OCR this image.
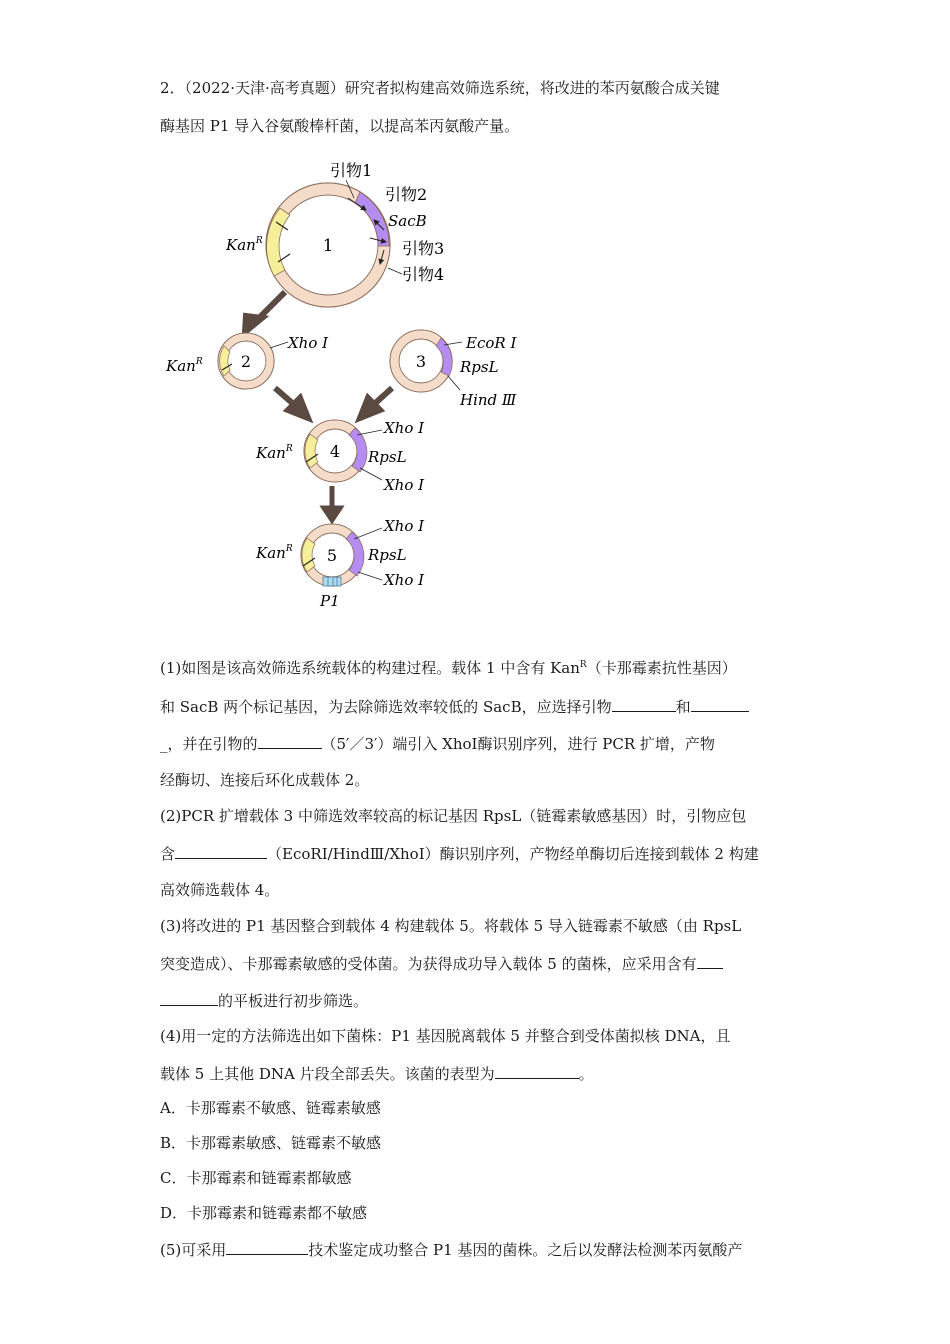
2．（2022·天津·高考真题）研究者拟构建高效筛选系统，将改进的苯丙氨酸合成关键
酶基因 P1 导入谷氨酸棒杆菌，以提高苯丙氨酸产量。
1
引物1
引物2
SacB
引物3
引物4
Kan$^R$
2
Xho Ⅰ
Kan$^R$	3
EcoR Ⅰ
RpsL
Hind Ⅲ
4
Xho Ⅰ
RpsL
Xho Ⅰ
Kan$^R$
5
Xho Ⅰ
RpsL
Xho Ⅰ
Kan$^R$
P1
(1)如图是该高效筛选系统载体的构建过程。载体 1 中含有 Kan$^R$（卡那霉素抗性基因）
和 SacB 两个标记基因，为去除筛选效率较低的 SacB，应选择引物	和
_，并在引物的	（5′／3′）端引入 XhoⅠ酶识别序列，进行 PCR 扩增，产物
经酶切、连接后环化成载体 2。
(2)PCR 扩增载体 3 中筛选效率较高的标记基因 RpsL（链霉素敏感基因）时，引物应包
含	（EcoRⅠ/HindⅢ/XhoⅠ）酶识别序列，产物经单酶切后连接到载体 2 构建
高效筛选载体 4。
(3)将改进的 P1 基因整合到载体 4 构建载体 5。将载体 5 导入链霉素不敏感（由 RpsL
突变造成）、卡那霉素敏感的受体菌。为获得成功导入载体 5 的菌株，应采用含有
的平板进行初步筛选。
(4)用一定的方法筛选出如下菌株：P1 基因脱离载体 5 并整合到受体菌拟核 DNA，且
载体 5 上其他 DNA 片段全部丢失。该菌的表型为	。
A．卡那霉素不敏感、链霉素敏感
B．卡那霉素敏感、链霉素不敏感
C．卡那霉素和链霉素都敏感
D．卡那霉素和链霉素都不敏感
(5)可采用	技术鉴定成功整合 P1 基因的菌株。之后以发酵法检测苯丙氨酸产
